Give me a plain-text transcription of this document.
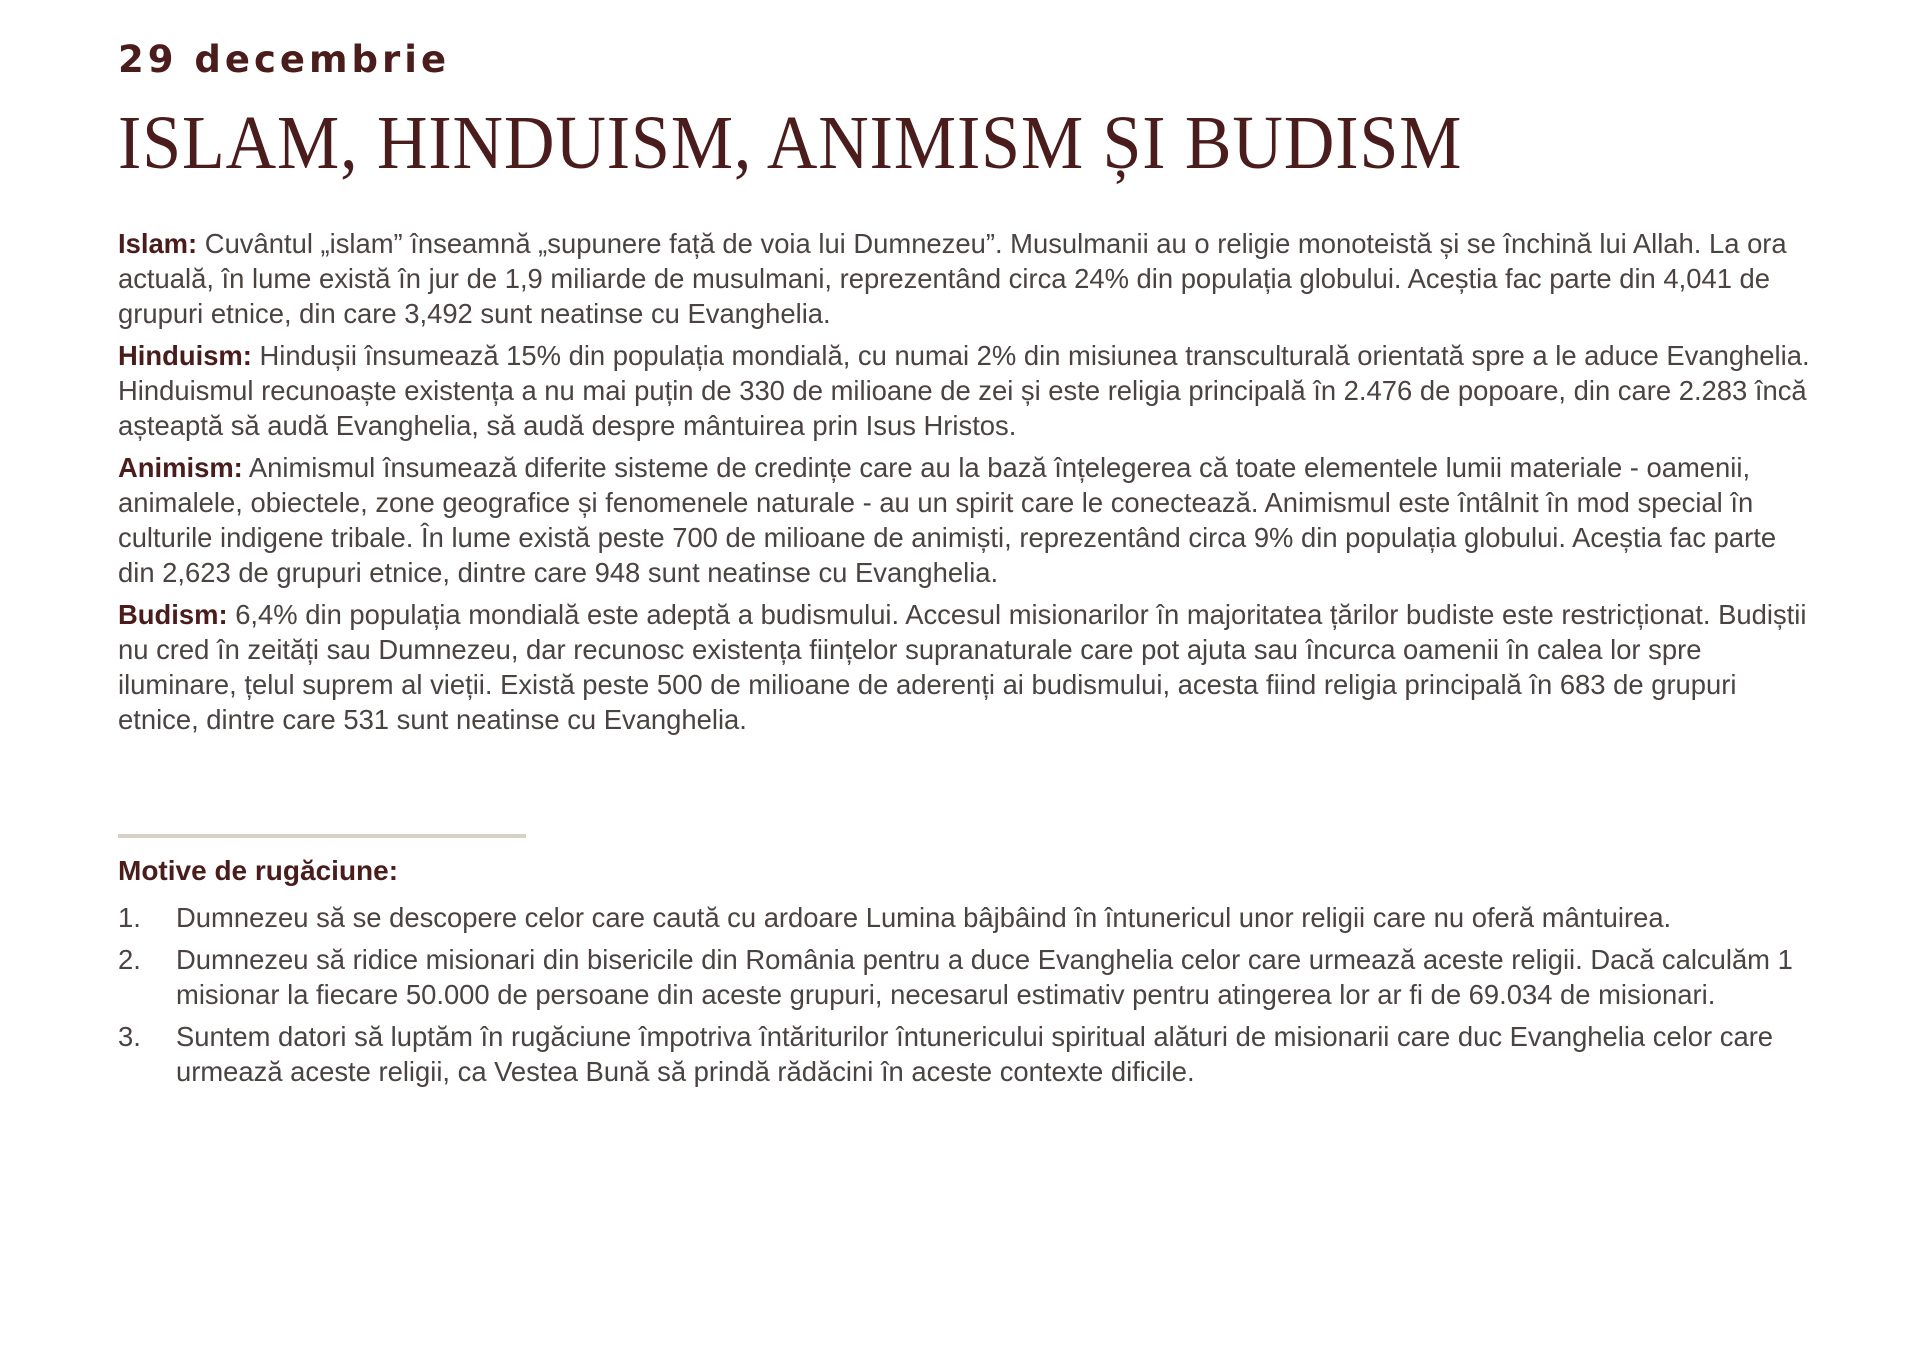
29 decembrie
ISLAM, HINDUISM, ANIMISM ȘI BUDISM

Islam: Cuvântul „islam” înseamnă „supunere față de voia lui Dumnezeu”. Musulmanii au o religie monoteistă și se închină lui Allah. La ora actuală, în lume există în jur de 1,9 miliarde de musulmani, reprezentând circa 24% din populația globului. Aceștia fac parte din 4,041 de grupuri etnice, din care 3,492 sunt neatinse cu Evanghelia.

Hinduism: Hindușii însumează 15% din populația mondială, cu numai 2% din misiunea transculturală orientată spre a le aduce Evanghelia. Hinduismul recunoaște existența a nu mai puțin de 330 de milioane de zei și este religia principală în 2.476 de popoare, din care 2.283 încă așteaptă să audă Evanghelia, să audă despre mântuirea prin Isus Hristos.

Animism: Animismul însumează diferite sisteme de credințe care au la bază înțelegerea că toate elementele lumii materiale - oamenii, animalele, obiectele, zone geografice și fenomenele naturale - au un spirit care le conectează. Animismul este întâlnit în mod special în culturile indigene tribale. În lume există peste 700 de milioane de animiști, reprezentând circa 9% din populația globului. Aceștia fac parte din 2,623 de grupuri etnice, dintre care 948 sunt neatinse cu Evanghelia.

Budism: 6,4% din populația mondială este adeptă a budismului. Accesul misionarilor în majoritatea țărilor budiste este restricționat. Budiștii nu cred în zeități sau Dumnezeu, dar recunosc existența ființelor supranaturale care pot ajuta sau încurca oamenii în calea lor spre iluminare, țelul suprem al vieții. Există peste 500 de milioane de aderenți ai budismului, acesta fiind religia principală în 683 de grupuri etnice, dintre care 531 sunt neatinse cu Evanghelia.

Motive de rugăciune:
1.	Dumnezeu să se descopere celor care caută cu ardoare Lumina bâjbâind în întunericul unor religii care nu oferă mântuirea.
2.	Dumnezeu să ridice misionari din bisericile din România pentru a duce Evanghelia celor care urmează aceste religii. Dacă calculăm 1 misionar la fiecare 50.000 de persoane din aceste grupuri, necesarul estimativ pentru atingerea lor ar fi de 69.034 de misionari.
3.	Suntem datori să luptăm în rugăciune împotriva întăriturilor întunericului spiritual alături de misionarii care duc Evanghelia celor care urmează aceste religii, ca Vestea Bună să prindă rădăcini în aceste contexte dificile.
